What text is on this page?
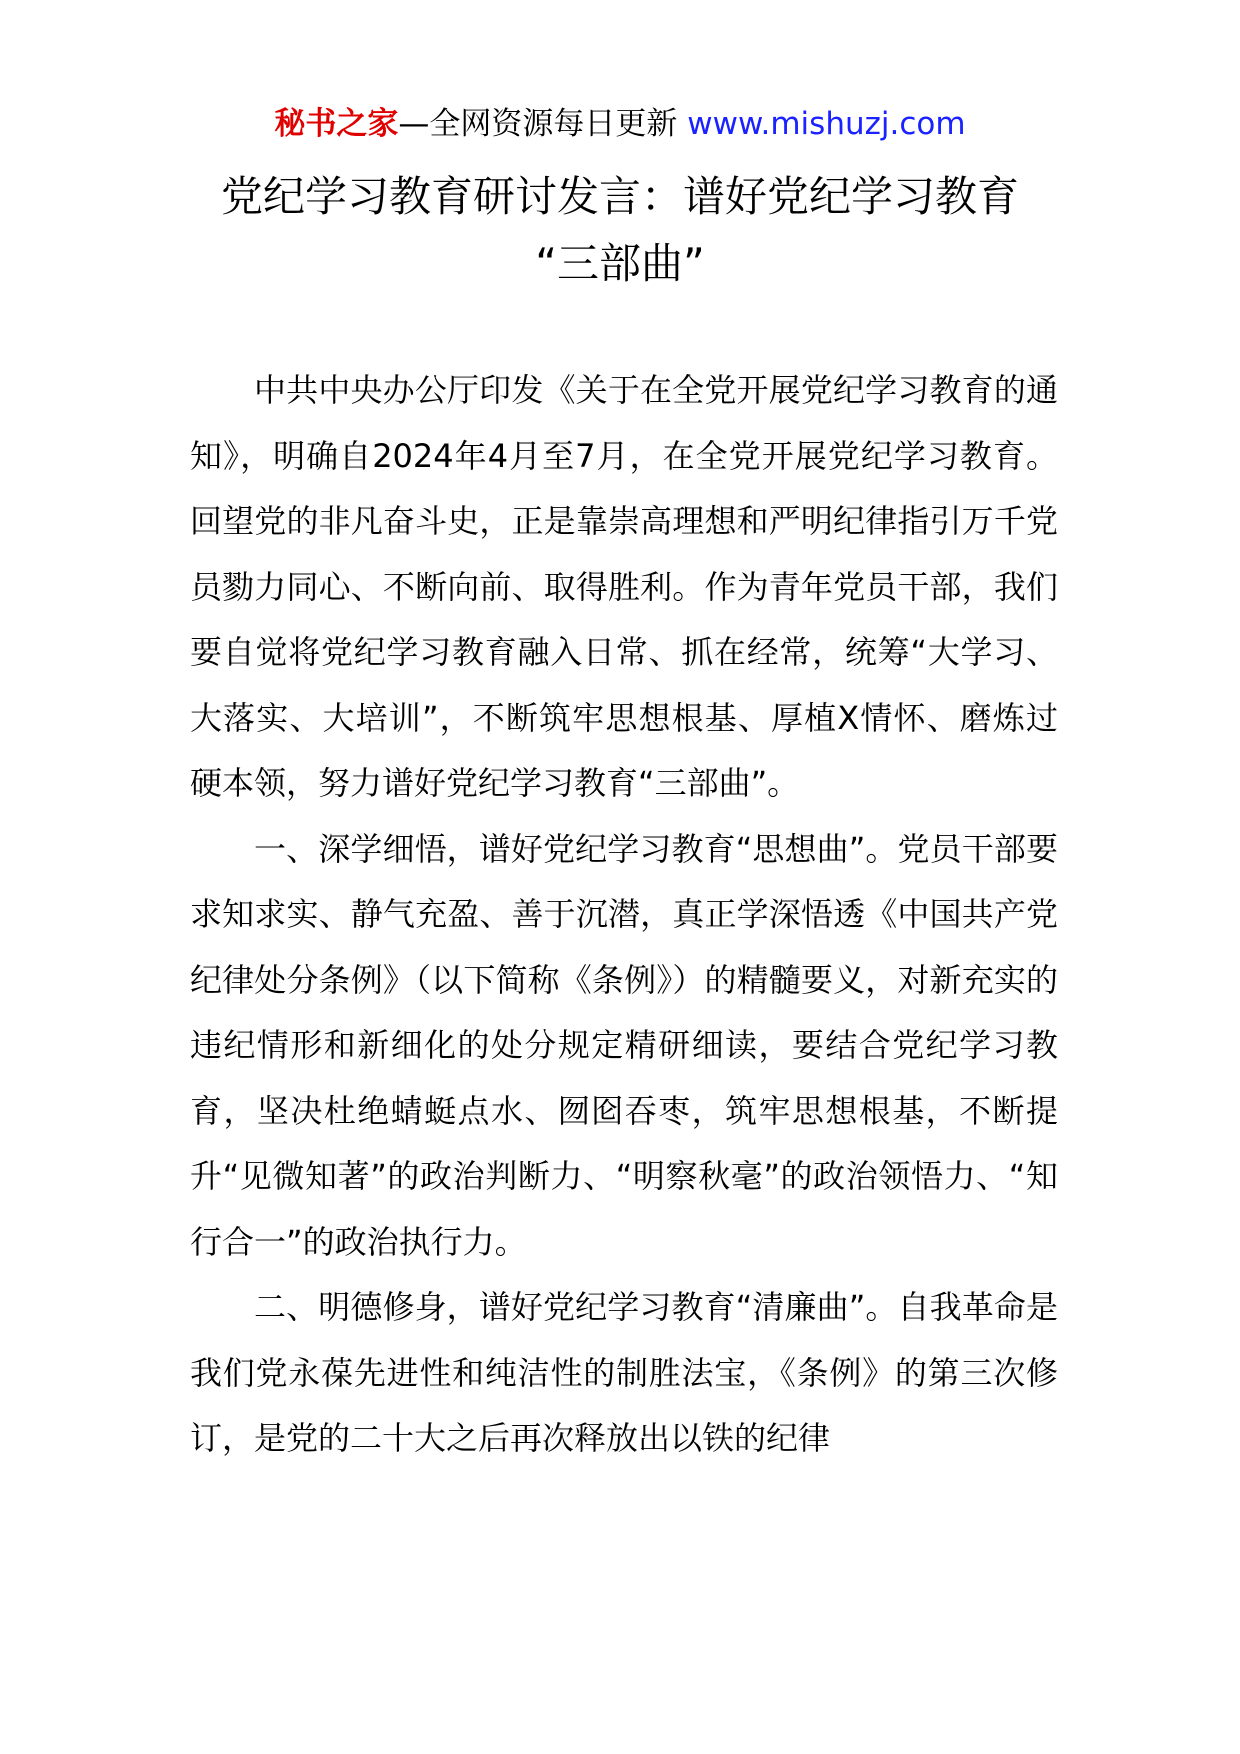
秘书之家—全网资源每日更新 www.mishuzj.com
党纪学习教育研讨发言：谱好党纪学习教育
“三部曲”

中共中央办公厅印发《关于在全党开展党纪学习教育的通知》，明确自2024年4月至7月，在全党开展党纪学习教育。回望党的非凡奋斗史，正是靠崇高理想和严明纪律指引万千党员勠力同心、不断向前、取得胜利。作为青年党员干部，我们要自觉将党纪学习教育融入日常、抓在经常，统筹“大学习、大落实、大培训”，不断筑牢思想根基、厚植X情怀、磨炼过硬本领，努力谱好党纪学习教育“三部曲”。

一、深学细悟，谱好党纪学习教育“思想曲”。党员干部要求知求实、静气充盈、善于沉潜，真正学深悟透《中国共产党纪律处分条例》（以下简称《条例》）的精髓要义，对新充实的违纪情形和新细化的处分规定精研细读，要结合党纪学习教育，坚决杜绝蜻蜓点水、囫囵吞枣，筑牢思想根基，不断提升“见微知著”的政治判断力、“明察秋毫”的政治领悟力、“知行合一”的政治执行力。

二、明德修身，谱好党纪学习教育“清廉曲”。自我革命是我们党永葆先进性和纯洁性的制胜法宝，《条例》的第三次修订，是党的二十大之后再次释放出以铁的纪律
